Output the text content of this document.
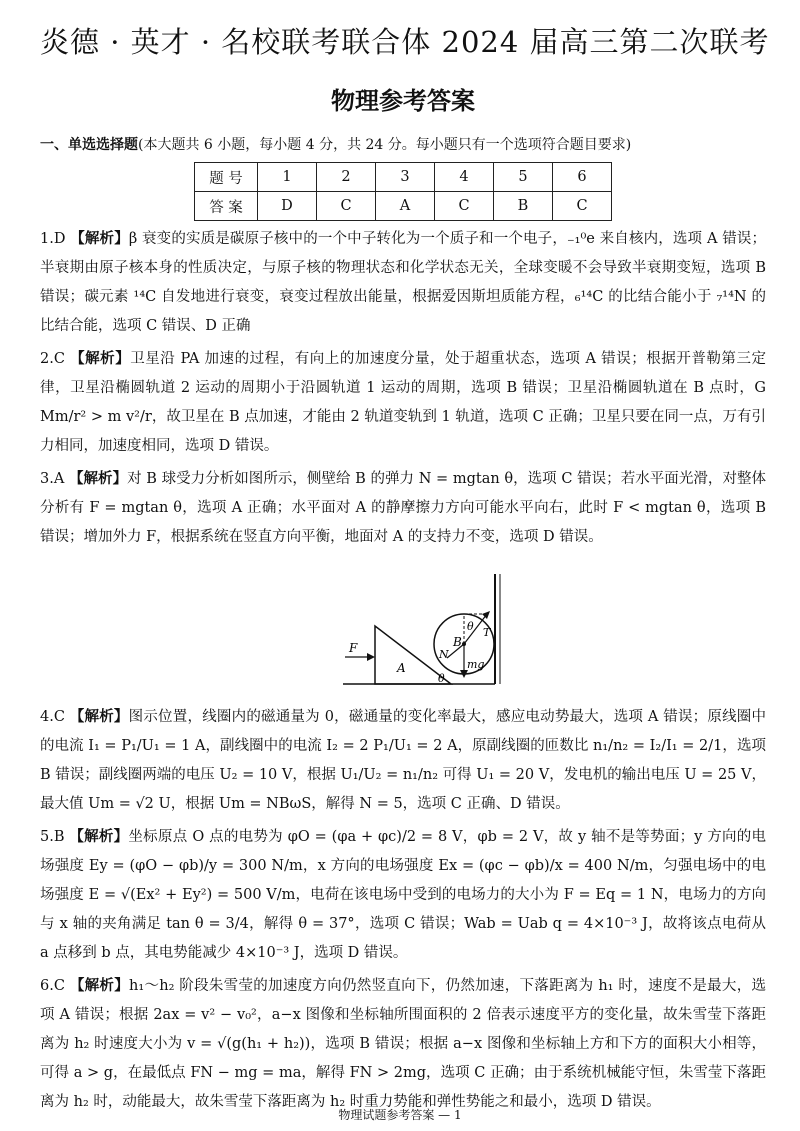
炎德 · 英才 · 名校联考联合体 2024 届高三第二次联考
物理参考答案
一、单选选择题(本大题共 6 小题，每小题 4 分，共 24 分。每小题只有一个选项符合题目要求)
题 号	1	2	3	4	5	6
答 案	D	C	A	C	B	C
1.D 【解析】β 衰变的实质是碳原子核中的一个中子转化为一个质子和一个电子，₋₁⁰e 来自核内，选项 A 错误；半衰期由原子核本身的性质决定，与原子核的物理状态和化学状态无关，全球变暖不会导致半衰期变短，选项 B 错误；碳元素 ¹⁴C 自发地进行衰变，衰变过程放出能量，根据爱因斯坦质能方程，₆¹⁴C 的比结合能小于 ₇¹⁴N 的比结合能，选项 C 错误、D 正确
2.C 【解析】卫星沿 PA 加速的过程，有向上的加速度分量，处于超重状态，选项 A 错误；根据开普勒第三定律，卫星沿椭圆轨道 2 运动的周期小于沿圆轨道 1 运动的周期，选项 B 错误；卫星沿椭圆轨道在 B 点时，G Mm/r² > m v²/r，故卫星在 B 点加速，才能由 2 轨道变轨到 1 轨道，选项 C 正确；卫星只要在同一点，万有引力相同，加速度相同，选项 D 错误。
3.A 【解析】对 B 球受力分析如图所示，侧壁给 B 的弹力 N = mgtan θ，选项 C 错误；若水平面光滑，对整体分析有 F = mgtan θ，选项 A 正确；水平面对 A 的静摩擦力方向可能水平向右，此时 F < mgtan θ，选项 B 错误；增加外力 F，根据系统在竖直方向平衡，地面对 A 的支持力不变，选项 D 错误。
F
A
B
N
T
mg
θ
θ
4.C 【解析】图示位置，线圈内的磁通量为 0，磁通量的变化率最大，感应电动势最大，选项 A 错误；原线圈中的电流 I₁ = P₁/U₁ = 1 A，副线圈中的电流 I₂ = 2 P₁/U₁ = 2 A，原副线圈的匝数比 n₁/n₂ = I₂/I₁ = 2/1，选项 B 错误；副线圈两端的电压 U₂ = 10 V，根据 U₁/U₂ = n₁/n₂ 可得 U₁ = 20 V，发电机的输出电压 U = 25 V，最大值 Um = √2 U，根据 Um = NBωS，解得 N = 5，选项 C 正确、D 错误。
5.B 【解析】坐标原点 O 点的电势为 φO = (φa + φc)/2 = 8 V，φb = 2 V，故 y 轴不是等势面；y 方向的电场强度 Ey = (φO − φb)/y = 300 N/m，x 方向的电场强度 Ex = (φc − φb)/x = 400 N/m，匀强电场中的电场强度 E = √(Ex² + Ey²) = 500 V/m，电荷在该电场中受到的电场力的大小为 F = Eq = 1 N，电场力的方向与 x 轴的夹角满足 tan θ = 3/4，解得 θ = 37°，选项 C 错误；Wab = Uab q = 4×10⁻³ J，故将该点电荷从 a 点移到 b 点，其电势能减少 4×10⁻³ J，选项 D 错误。
6.C 【解析】h₁～h₂ 阶段朱雪莹的加速度方向仍然竖直向下，仍然加速，下落距离为 h₁ 时，速度不是最大，选项 A 错误；根据 2ax = v² − v₀²，a−x 图像和坐标轴所围面积的 2 倍表示速度平方的变化量，故朱雪莹下落距离为 h₂ 时速度大小为 v = √(g(h₁ + h₂))，选项 B 错误；根据 a−x 图像和坐标轴上方和下方的面积大小相等，可得 a > g，在最低点 FN − mg = ma，解得 FN > 2mg，选项 C 正确；由于系统机械能守恒，朱雪莹下落距离为 h₂ 时，动能最大，故朱雪莹下落距离为 h₂ 时重力势能和弹性势能之和最小，选项 D 错误。
物理试题参考答案 — 1
